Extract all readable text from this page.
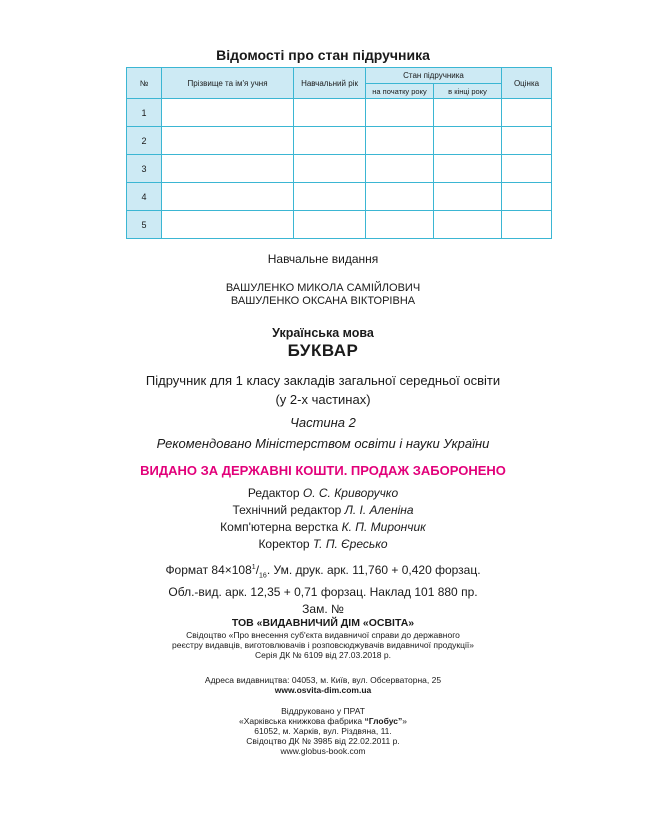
Відомості про стан підручника
№	Прізвище та ім'я учня	Навчальний рік	Стан підручника		Оцінка
			на початку року	в кінці року	
1					
2					
3					
4					
5					
Навчальне видання
ВАШУЛЕНКО МИКОЛА САМІЙЛОВИЧ
ВАШУЛЕНКО ОКСАНА ВІКТОРІВНА
Українська мова
БУКВАР
Підручник для 1 класу закладів загальної середньої освіти
(у 2-х частинах)
Частина 2
Рекомендовано Міністерством освіти і науки України
ВИДАНО ЗА ДЕРЖАВНІ КОШТИ. ПРОДАЖ ЗАБОРОНЕНО
Редактор О. С. Криворучко
Технічний редактор Л. І. Аленіна
Комп'ютерна верстка К. П. Мирончик
Коректор Т. П. Єресько
Формат $84\times 108^1/_{16}$. Ум. друк. арк. 11,760 + 0,420 форзац.
Обл.-вид. арк. 12,35 + 0,71 форзац. Наклад 101 880 пр.
Зам. №
ТОВ «ВИДАВНИЧИЙ ДІМ «ОСВІТА»
Свідоцтво «Про внесення суб'єкта видавничої справи до державного
реєстру видавців, виготовлювачів і розповсюджувачів видавничої продукції»
Серія ДК № 6109 від 27.03.2018 р.
Адреса видавництва: 04053, м. Київ, вул. Обсерваторна, 25
www.osvita-dim.com.ua
Віддруковано у ПРАТ
«Харківська книжкова фабрика “Глобус”»
61052, м. Харків, вул. Різдвяна, 11.
Свідоцтво ДК № 3985 від 22.02.2011 р.
www.globus-book.com
